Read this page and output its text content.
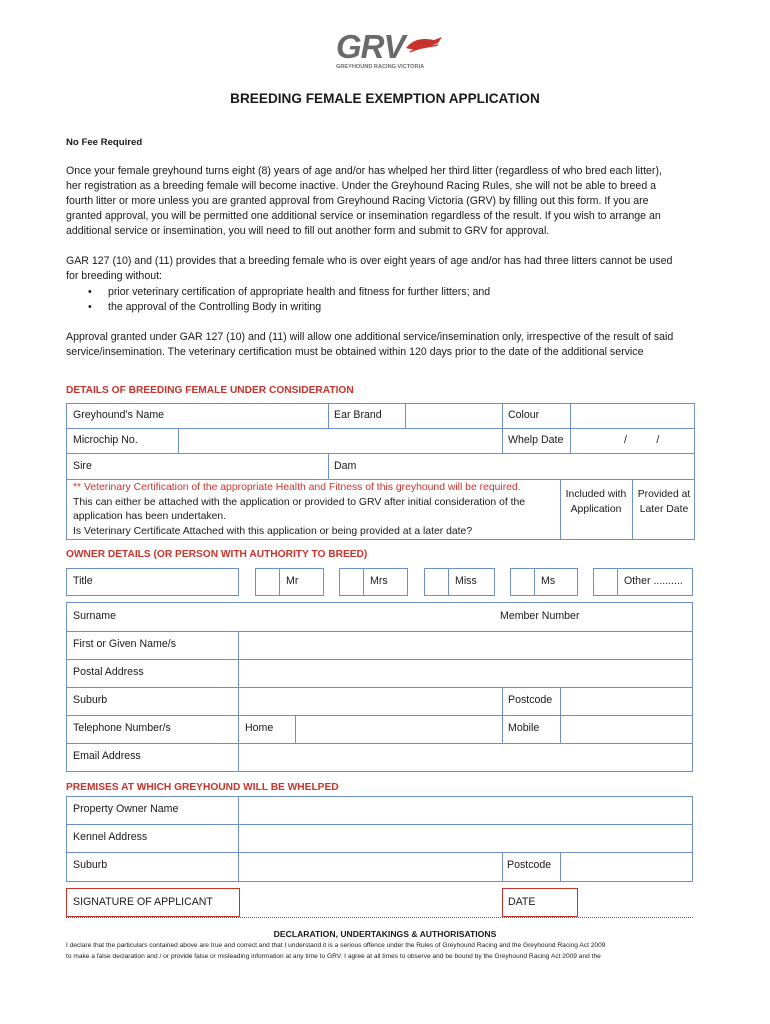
GRV
GREYHOUND RACING VICTORIA
BREEDING FEMALE EXEMPTION APPLICATION
No Fee Required

Once your female greyhound turns eight (8) years of age and/or has whelped her third litter (regardless of who bred each litter),

her registration as a breeding female will become inactive. Under the Greyhound Racing Rules, she will not be able to breed a

fourth litter or more unless you are granted approval from Greyhound Racing Victoria (GRV) by filling out this form. If you are

granted approval, you will be permitted one additional service or insemination regardless of the result. If you wish to arrange an

additional service or insemination, you will need to fill out another form and submit to GRV for approval.

GAR 127 (10) and (11) provides that a breeding female who is over eight years of age and/or has had three litters cannot be used

for breeding without:

• prior veterinary certification of appropriate health and fitness for further litters; and
• the approval of the Controlling Body in writing

Approval granted under GAR 127 (10) and (11) will allow one additional service/insemination only, irrespective of the result of said

service/insemination. The veterinary certification must be obtained within 120 days prior to the date of the additional service

DETAILS OF BREEDING FEMALE UNDER CONSIDERATION
Greyhound’s Name	Ear Brand	Colour
Microchip No.	Whelp Date	/          /
Sire	Dam
** Veterinary Certification of the appropriate Health and Fitness of this greyhound will be required.
This can either be attached with the application or provided to GRV after initial consideration of the
application has been undertaken.
Is Veterinary Certificate Attached with this application or being provided at a later date?
Included with Application
Provided at Later Date
OWNER DETAILS (OR PERSON WITH AUTHORITY TO BREED)
Title	Mr	Mrs	Miss	Ms	Other ..........
Surname	Member Number
First or Given Name/s
Postal Address
Suburb	Postcode
Telephone Number/s	Home	Mobile
Email Address
PREMISES AT WHICH GREYHOUND WILL BE WHELPED
Property Owner Name
Kennel Address
Suburb	Postcode
SIGNATURE OF APPLICANT	DATE
DECLARATION, UNDERTAKINGS & AUTHORISATIONS
I declare that the particulars contained above are true and correct and that I understand it is a serious offence under the Rules of Greyhound Racing and the Greyhound Racing Act 2009
to make a false declaration and / or provide false or misleading information at any time to GRV. I agree at all times to observe and be bound by the Greyhound Racing Act 2009 and the
